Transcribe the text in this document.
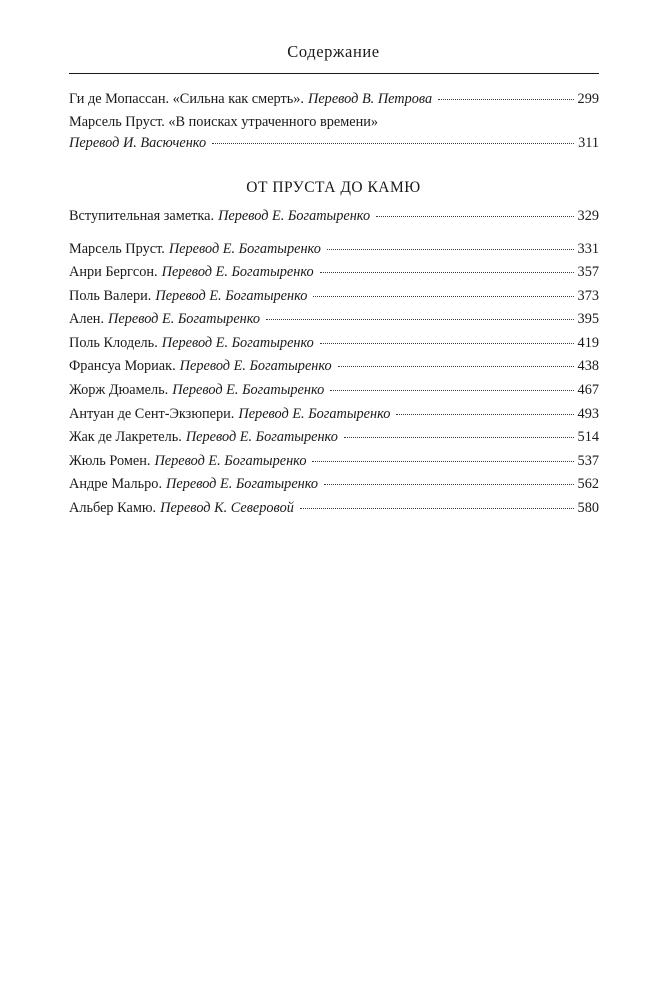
Содержание
Ги де Мопассан. «Сильна как смерть». Перевод В. Петрова	299
Марсель Пруст. «В поисках утраченного времени»
Перевод И. Васюченко	311
ОТ ПРУСТА ДО КАМЮ
Вступительная заметка. Перевод Е. Богатыренко	329
Марсель Пруст. Перевод Е. Богатыренко	331
Анри Бергсон. Перевод Е. Богатыренко	357
Поль Валери. Перевод Е. Богатыренко	373
Ален. Перевод Е. Богатыренко	395
Поль Клодель. Перевод Е. Богатыренко	419
Франсуа Мориак. Перевод Е. Богатыренко	438
Жорж Дюамель. Перевод Е. Богатыренко	467
Антуан де Сент-Экзюпери. Перевод Е. Богатыренко	493
Жак де Лакретель. Перевод Е. Богатыренко	514
Жюль Ромен. Перевод Е. Богатыренко	537
Андре Мальро. Перевод Е. Богатыренко	562
Альбер Камю. Перевод К. Северовой	580
